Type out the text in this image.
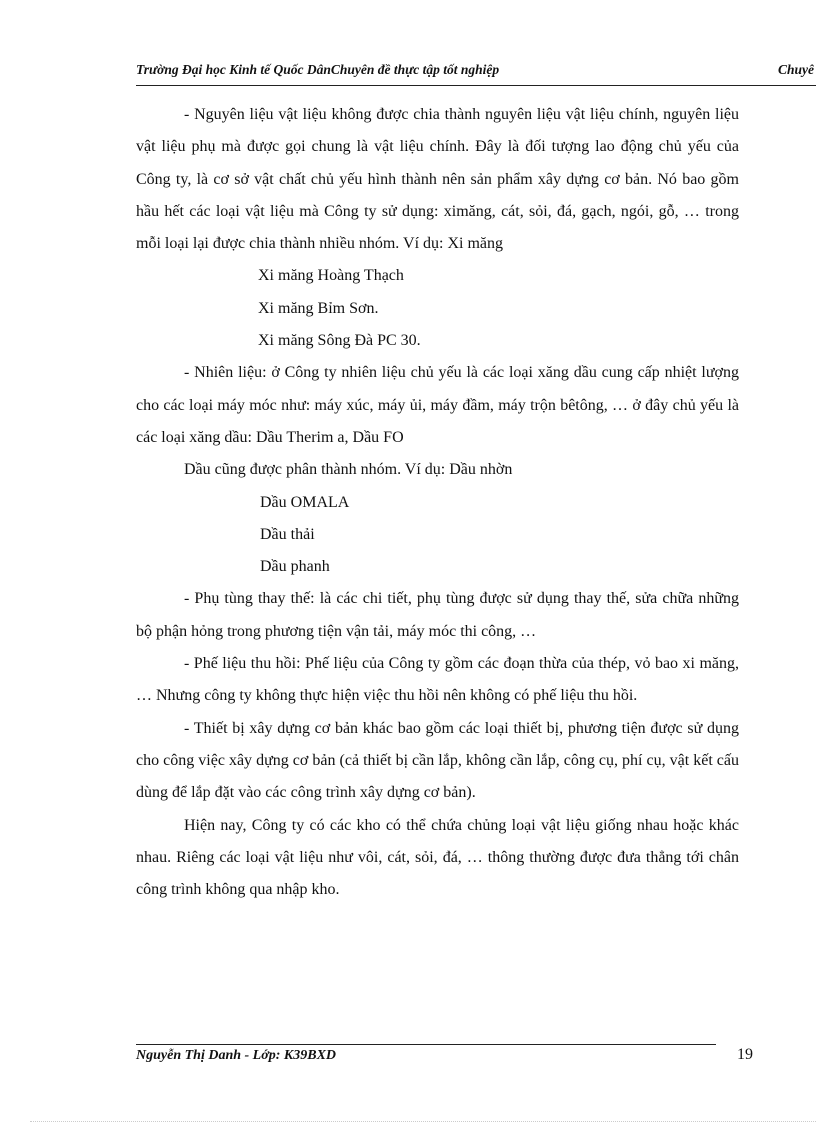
Trường Đại học Kinh tế Quốc DânChuyên đề thực tập tốt nghiệp	Chuyê

- Nguyên liệu vật liệu không được chia thành nguyên liệu vật liệu chính, nguyên liệu vật liệu phụ mà được gọi chung là vật liệu chính. Đây là đối tượng lao động chủ yếu của Công ty, là cơ sở vật chất chủ yếu hình thành nên sản phẩm xây dựng cơ bản. Nó bao gồm hầu hết các loại vật liệu mà Công ty sử dụng: ximăng, cát, sỏi, đá, gạch, ngói, gỗ, … trong mỗi loại lại được chia thành nhiều nhóm. Ví dụ: Xi măng

Xi măng Hoàng Thạch

Xi măng Bỉm Sơn.

Xi măng Sông Đà PC 30.

- Nhiên liệu: ở Công ty nhiên liệu chủ yếu là các loại xăng dầu cung cấp nhiệt lượng cho các loại máy móc như: máy xúc, máy ủi, máy đầm, máy trộn bêtông, … ở đây chủ yếu là các loại xăng dầu: Dầu Therim a, Dầu FO

Dầu cũng được phân thành nhóm. Ví dụ: Dầu nhờn

Dầu OMALA

Dầu thải

Dầu phanh

- Phụ tùng thay thế: là các chi tiết, phụ tùng được sử dụng thay thế, sửa chữa những bộ phận hỏng trong phương tiện vận tải, máy móc thi công, …

- Phế liệu thu hồi: Phế liệu của Công ty gồm các đoạn thừa của thép, vỏ bao xi măng, … Nhưng công ty không thực hiện việc thu hồi nên không có phế liệu thu hồi.

- Thiết bị xây dựng cơ bản khác bao gồm các loại thiết bị, phương tiện được sử dụng cho công việc xây dựng cơ bản (cả thiết bị cần lắp, không cần lắp, công cụ, phí cụ, vật kết cấu dùng để lắp đặt vào các công trình xây dựng cơ bản).

Hiện nay, Công ty có các kho có thể chứa chủng loại vật liệu giống nhau hoặc khác nhau. Riêng các loại vật liệu như vôi, cát, sỏi, đá, … thông thường được đưa thẳng tới chân công trình không qua nhập kho.

Nguyễn Thị Danh - Lớp: K39BXD	19
